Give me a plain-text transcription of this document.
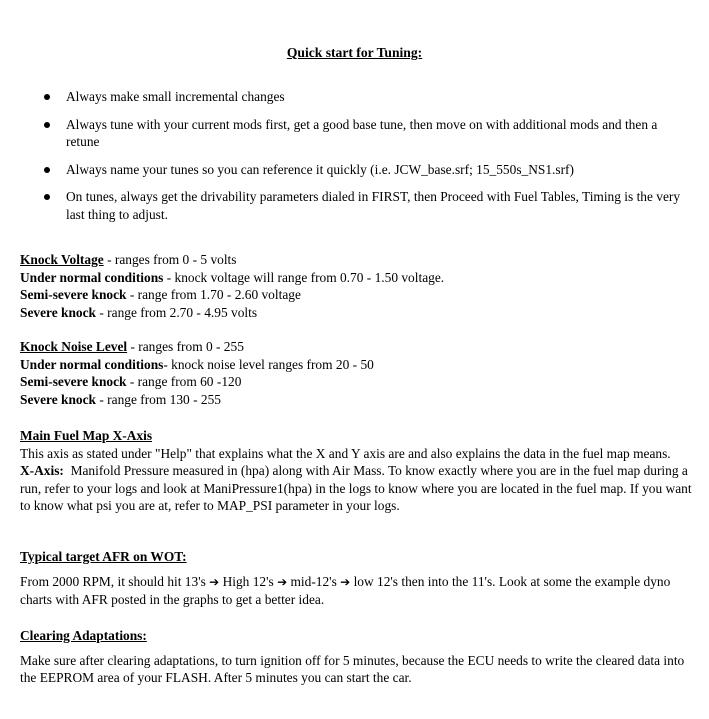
Quick start for Tuning:
Always make small incremental changes
Always tune with your current mods first, get a good base tune, then move on with additional mods and then a retune
Always name your tunes so you can reference it quickly (i.e. JCW_base.srf; 15_550s_NS1.srf)
On tunes, always get the drivability parameters dialed in FIRST, then Proceed with Fuel Tables, Timing is the very last thing to adjust.
Knock Voltage - ranges from 0 - 5 volts
Under normal conditions - knock voltage will range from 0.70 - 1.50 voltage.
Semi-severe knock - range from 1.70 - 2.60 voltage
Severe knock - range from 2.70 - 4.95 volts
Knock Noise Level - ranges from 0 - 255
Under normal conditions- knock noise level ranges from 20 - 50
Semi-severe knock - range from 60 -120
Severe knock - range from 130 - 255
Main Fuel Map X-Axis
This axis as stated under "Help" that explains what the X and Y axis are and also explains the data in the fuel map means.
X-Axis:  Manifold Pressure measured in (hpa) along with Air Mass. To know exactly where you are in the fuel map during a run, refer to your logs and look at ManiPressure1(hpa) in the logs to know where you are located in the fuel map. If you want to know what psi you are at, refer to MAP_PSI parameter in your logs.
Typical target AFR on WOT:
From 2000 RPM, it should hit 13's ➔ High 12's ➔ mid-12's ➔ low 12's then into the 11's. Look at some the example dyno charts with AFR posted in the graphs to get a better idea.
Clearing Adaptations:
Make sure after clearing adaptations, to turn ignition off for 5 minutes, because the ECU needs to write the cleared data into the EEPROM area of your FLASH. After 5 minutes you can start the car.
